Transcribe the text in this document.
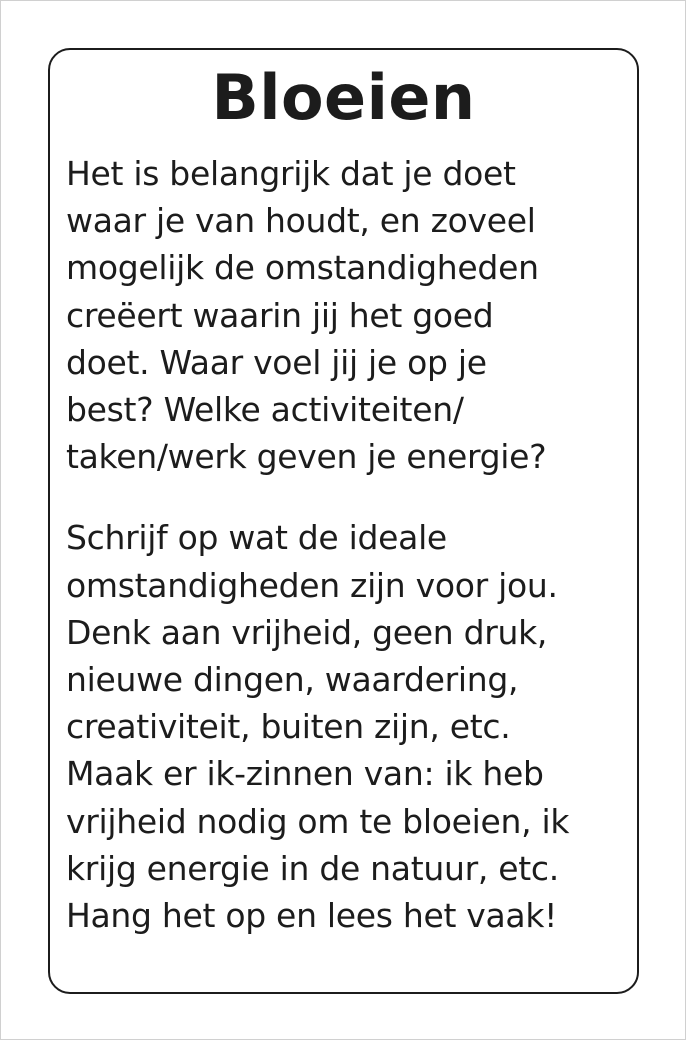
Bloeien

Het is belangrijk dat je doet
waar je van houdt, en zoveel
mogelijk de omstandigheden
creëert waarin jij het goed
doet. Waar voel jij je op je
best? Welke activiteiten/
taken/werk geven je energie?

Schrijf op wat de ideale
omstandigheden zijn voor jou.
Denk aan vrijheid, geen druk,
nieuwe dingen, waardering,
creativiteit, buiten zijn, etc.
Maak er ik-zinnen van: ik heb
vrijheid nodig om te bloeien, ik
krijg energie in de natuur, etc.
Hang het op en lees het vaak!
